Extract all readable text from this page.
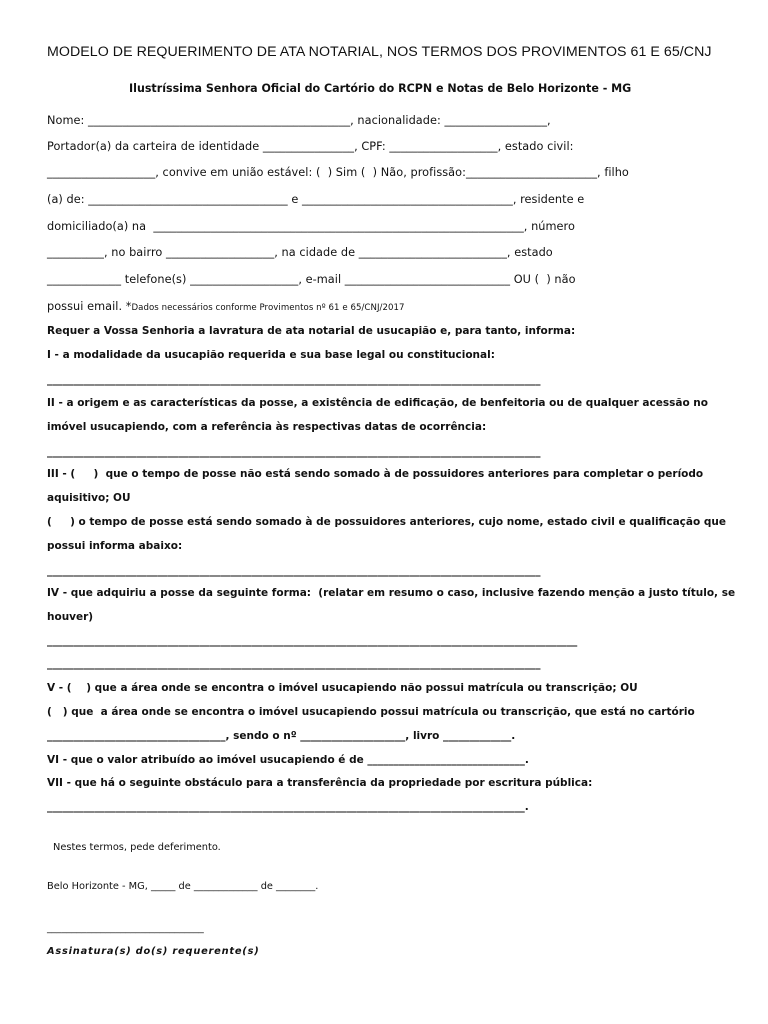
MODELO DE REQUERIMENTO DE ATA NOTARIAL, NOS TERMOS DOS PROVIMENTOS 61 E 65/CNJ
Ilustríssima Senhora Oficial do Cartório do RCPN e Notas de Belo Horizonte - MG
Nome: ______________________________________________, nacionalidade: __________________,
Portador(a) da carteira de identidade ________________, CPF: ___________________, estado civil:
___________________, convive em união estável: (  ) Sim (  ) Não, profissão:_______________________, filho
(a) de: ___________________________________ e _____________________________________, residente e
domiciliado(a) na  _________________________________________________________________, número
__________, no bairro ___________________, na cidade de __________________________, estado
_____________ telefone(s) ___________________, e-mail _____________________________ OU (  ) não
possui email. *Dados necessários conforme Provimentos nº 61 e 65/CNJ/2017
Requer a Vossa Senhoria a lavratura de ata notarial de usucapião e, para tanto, informa:
I - a modalidade da usucapião requerida e sua base legal ou constitucional:
______________________________________________________________________________________________
II - a origem e as características da posse, a existência de edificação, de benfeitoria ou de qualquer acessão no
imóvel usucapiendo, com a referência às respectivas datas de ocorrência:
______________________________________________________________________________________________
III - (     )  que o tempo de posse não está sendo somado à de possuidores anteriores para completar o período
aquisitivo; OU
(     ) o tempo de posse está sendo somado à de possuidores anteriores, cujo nome, estado civil e qualificação que
possui informa abaixo:
______________________________________________________________________________________________
IV - que adquiriu a posse da seguinte forma:  (relatar em resumo o caso, inclusive fazendo menção a justo título, se
houver)
_____________________________________________________________________________________________________
______________________________________________________________________________________________
V - (    ) que a área onde se encontra o imóvel usucapiendo não possui matrícula ou transcrição; OU
(   ) que  a área onde se encontra o imóvel usucapiendo possui matrícula ou transcrição, que está no cartório
__________________________________, sendo o nº ____________________, livro _____________.
VI - que o valor atribuído ao imóvel usucapiendo é de ______________________________.
VII - que há o seguinte obstáculo para a transferência da propriedade por escritura pública:
___________________________________________________________________________________________.
Nestes termos, pede deferimento.
Belo Horizonte - MG, _____ de _____________ de ________.
________________________________
Assinatura(s) do(s) requerente(s)
